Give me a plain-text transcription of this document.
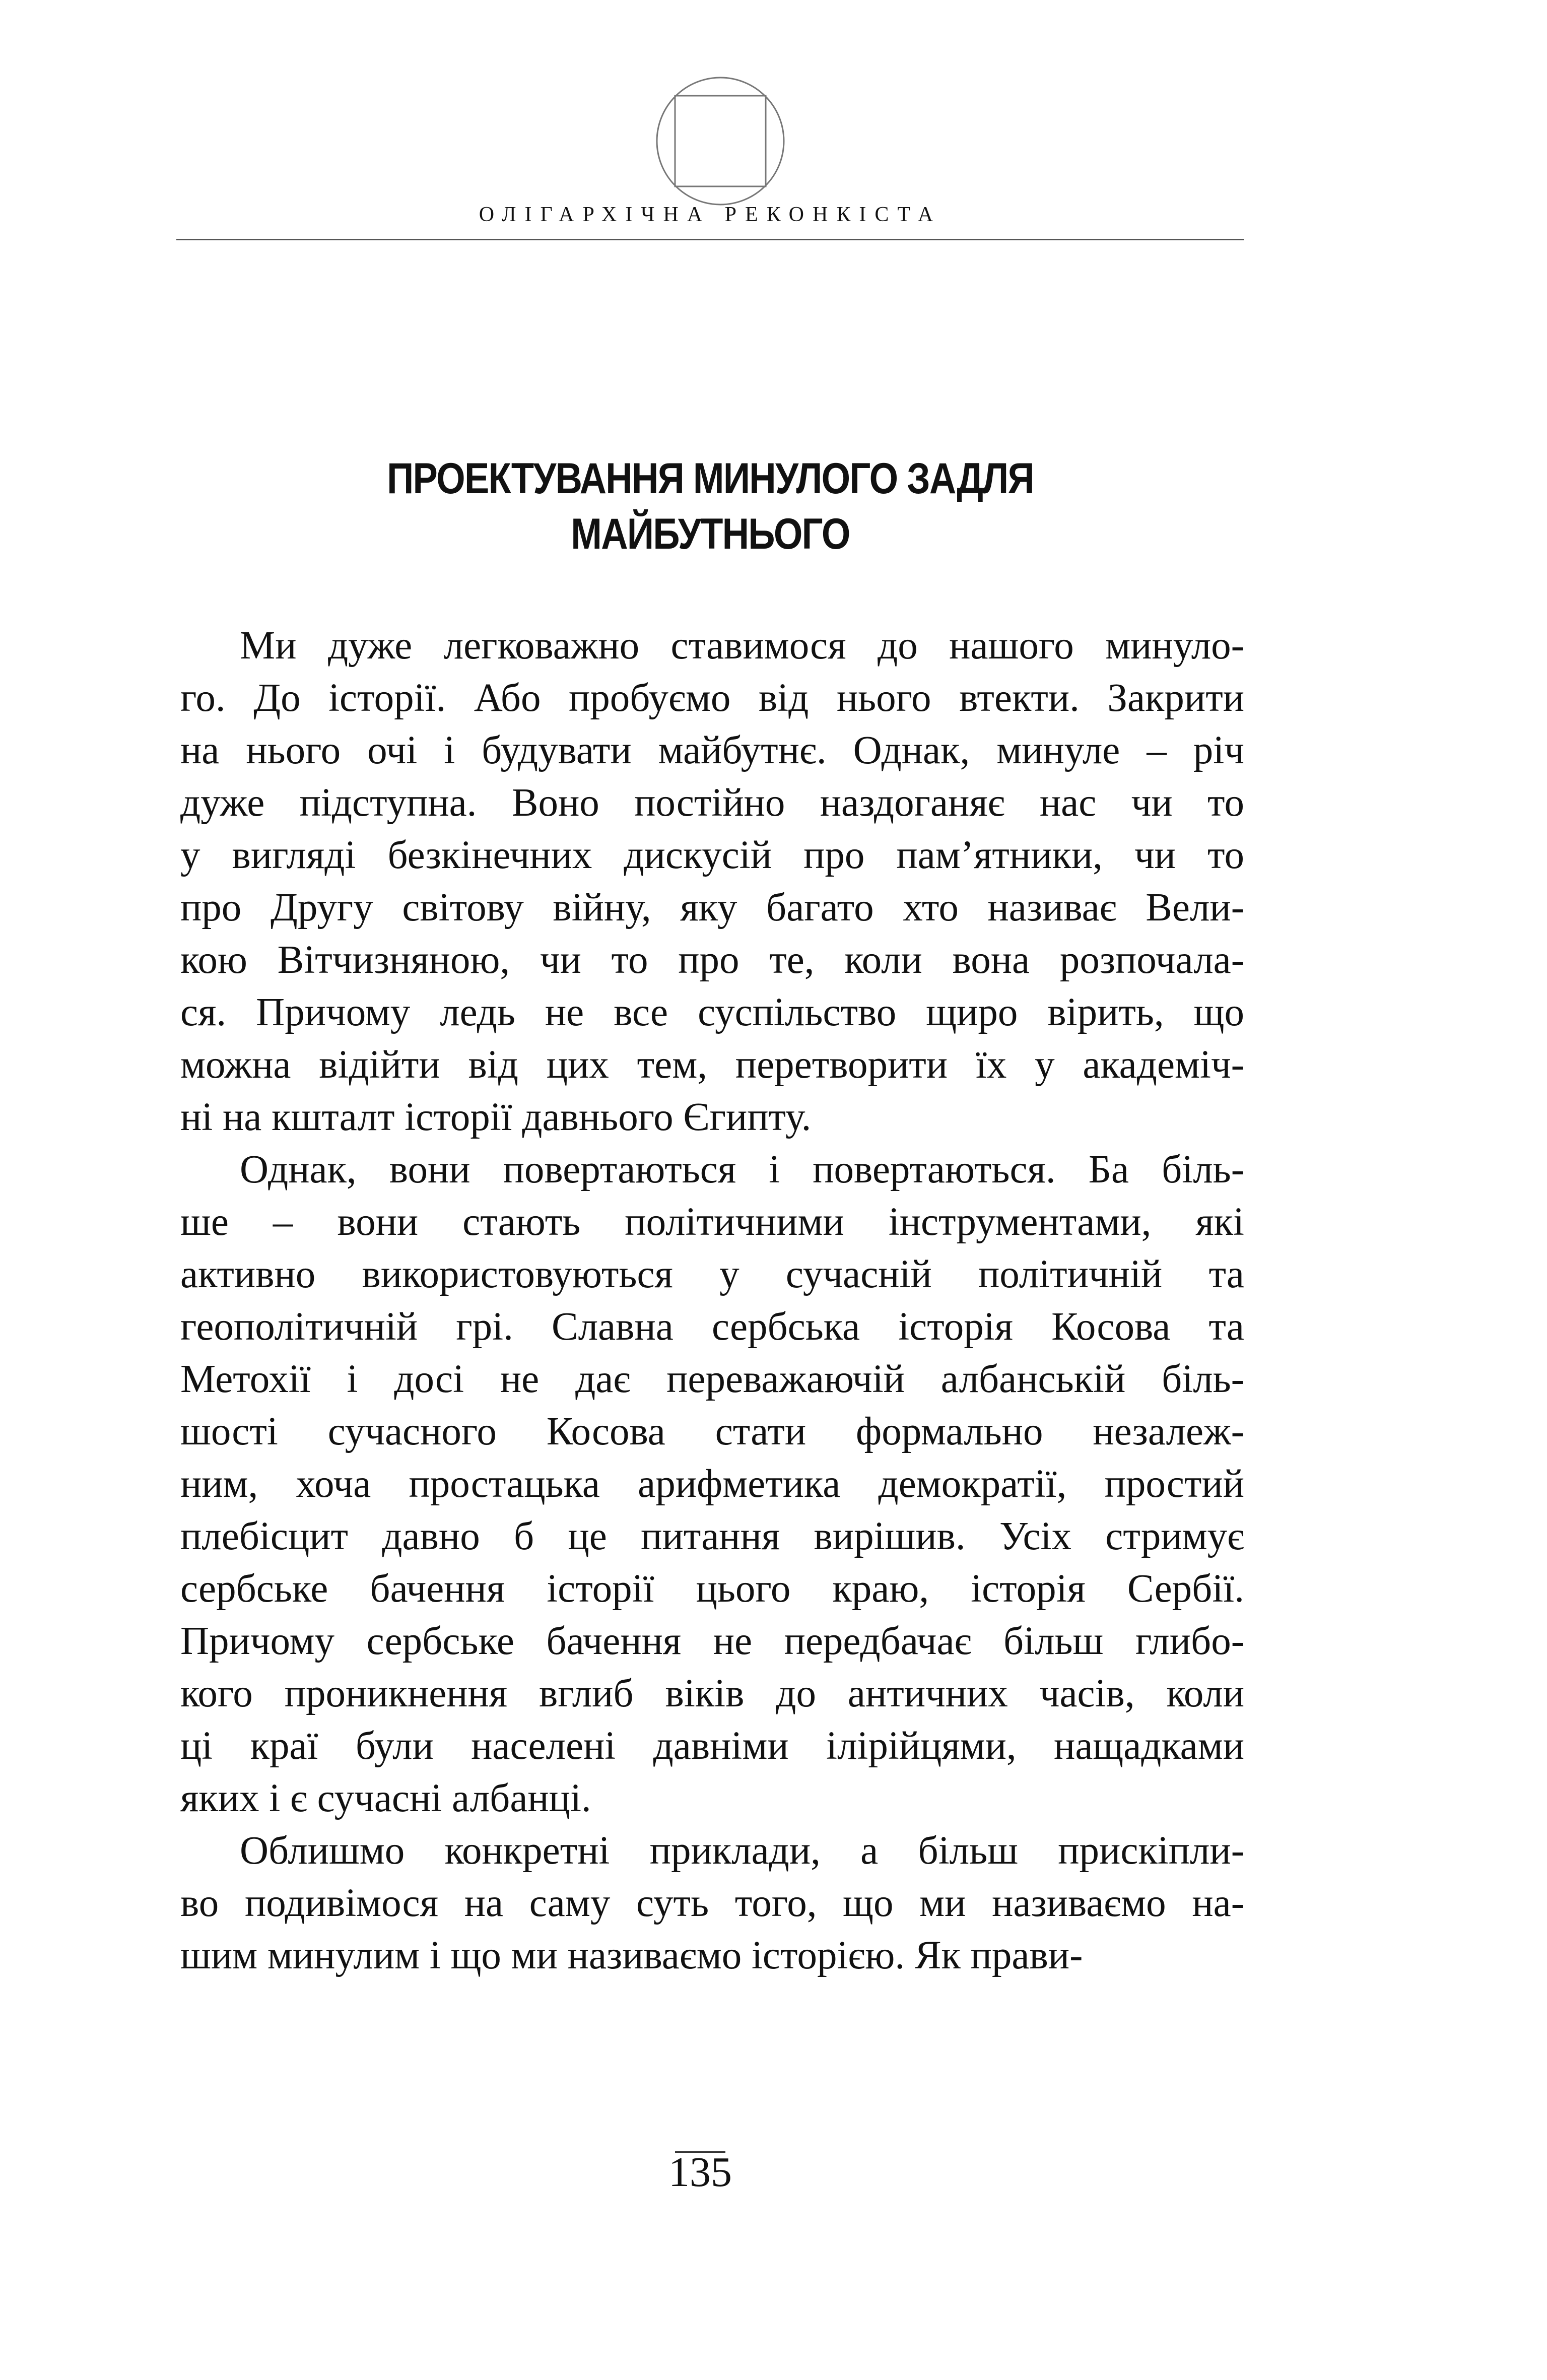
ОЛІГАРХІЧНА РЕКОНКІСТА
ПРОЕКТУВАННЯ МИНУЛОГО ЗАДЛЯ
МАЙБУТНЬОГО

Ми дуже легковажно ставимося до нашого минуло-
го. До історії. Або пробуємо від нього втекти. Закрити
на нього очі і будувати майбутнє. Однак, минуле – річ
дуже підступна. Воно постійно наздоганяє нас чи то
у вигляді безкінечних дискусій про пам’ятники, чи то
про Другу світову війну, яку багато хто називає Вели-
кою Вітчизняною, чи то про те, коли вона розпочала-
ся. Причому ледь не все суспільство щиро вірить, що
можна відійти від цих тем, перетворити їх у академіч-
ні на кшталт історії давнього Єгипту.

Однак, вони повертаються і повертаються. Ба біль-
ше – вони стають політичними інструментами, які
активно використовуються у сучасній політичній та
геополітичній грі. Славна сербська історія Косова та
Метохії і досі не дає переважаючій албанській біль-
шості сучасного Косова стати формально незалеж-
ним, хоча простацька арифметика демократії, простий
плебісцит давно б це питання вирішив. Усіх стримує
сербське бачення історії цього краю, історія Сербії.
Причому сербське бачення не передбачає більш глибо-
кого проникнення вглиб віків до античних часів, коли
ці краї були населені давніми ілірійцями, нащадками
яких і є сучасні албанці.

Облишмо конкретні приклади, а більш прискіпли-
во подивімося на саму суть того, що ми називаємо на-
шим минулим і що ми називаємо історією. Як прави-

135
